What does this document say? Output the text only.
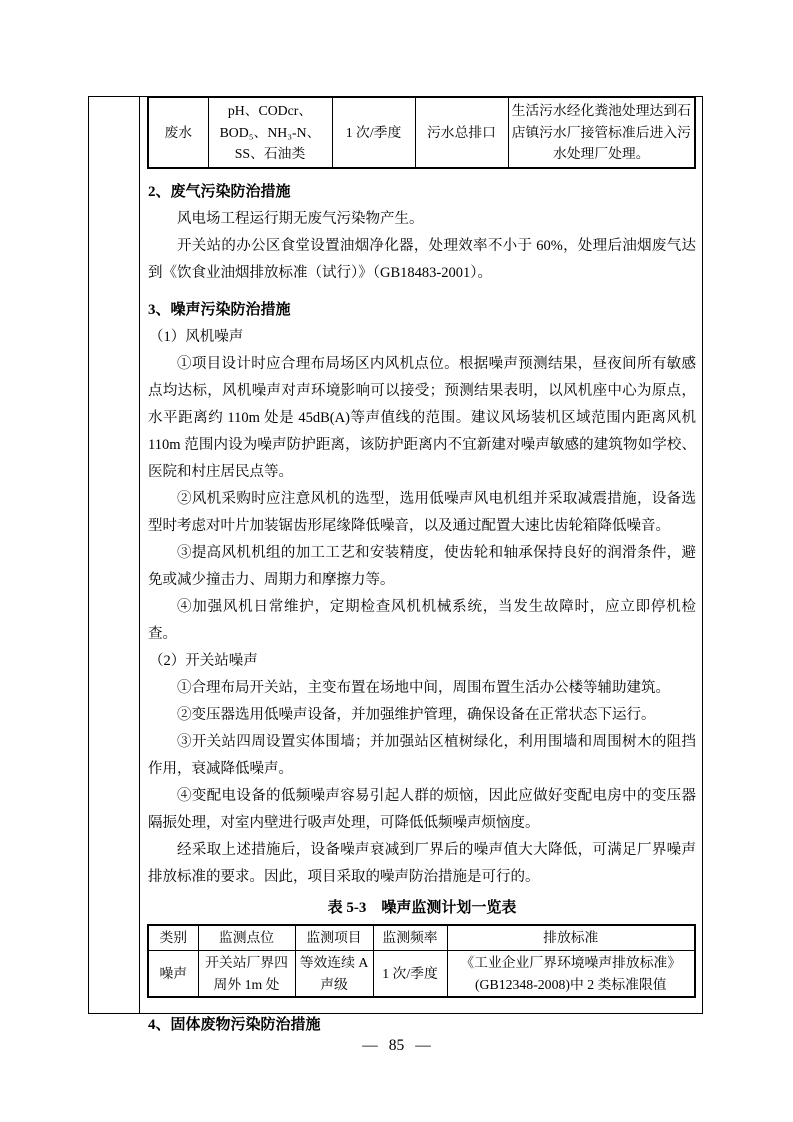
废水	pH、CODcr、BOD₅、NH₃-N、SS、石油类	1 次/季度	污水总排口	生活污水经化粪池处理达到石店镇污水厂接管标准后进入污水处理厂处理。
2、废气污染防治措施

风电场工程运行期无废气污染物产生。

开关站的办公区食堂设置油烟净化器，处理效率不小于 60%，处理后油烟废气达到《饮食业油烟排放标准（试行）》（GB18483-2001）。

3、噪声污染防治措施

（1）风机噪声

①项目设计时应合理布局场区内风机点位。根据噪声预测结果，昼夜间所有敏感点均达标，风机噪声对声环境影响可以接受；预测结果表明，以风机座中心为原点，水平距离约 110m 处是 45dB(A)等声值线的范围。建议风场装机区域范围内距离风机 110m 范围内设为噪声防护距离，该防护距离内不宜新建对噪声敏感的建筑物如学校、医院和村庄居民点等。

②风机采购时应注意风机的选型，选用低噪声风电机组并采取减震措施，设备选型时考虑对叶片加装锯齿形尾缘降低噪音，以及通过配置大速比齿轮箱降低噪音。

③提高风机机组的加工工艺和安装精度，使齿轮和轴承保持良好的润滑条件，避免或减少撞击力、周期力和摩擦力等。

④加强风机日常维护，定期检查风机机械系统，当发生故障时，应立即停机检查。

（2）开关站噪声

①合理布局开关站，主变布置在场地中间，周围布置生活办公楼等辅助建筑。

②变压器选用低噪声设备，并加强维护管理，确保设备在正常状态下运行。

③开关站四周设置实体围墙；并加强站区植树绿化，利用围墙和周围树木的阻挡作用，衰减降低噪声。

④变配电设备的低频噪声容易引起人群的烦恼，因此应做好变配电房中的变压器隔振处理，对室内壁进行吸声处理，可降低低频噪声烦恼度。

经采取上述措施后，设备噪声衰减到厂界后的噪声值大大降低，可满足厂界噪声排放标准的要求。因此，项目采取的噪声防治措施是可行的。

表 5-3　噪声监测计划一览表
类别	监测点位	监测项目	监测频率	排放标准
噪声	开关站厂界四周外 1m 处	等效连续 A 声级	1 次/季度	《工业企业厂界环境噪声排放标准》(GB12348-2008)中 2 类标准限值
4、固体废物污染防治措施
— 85 —
